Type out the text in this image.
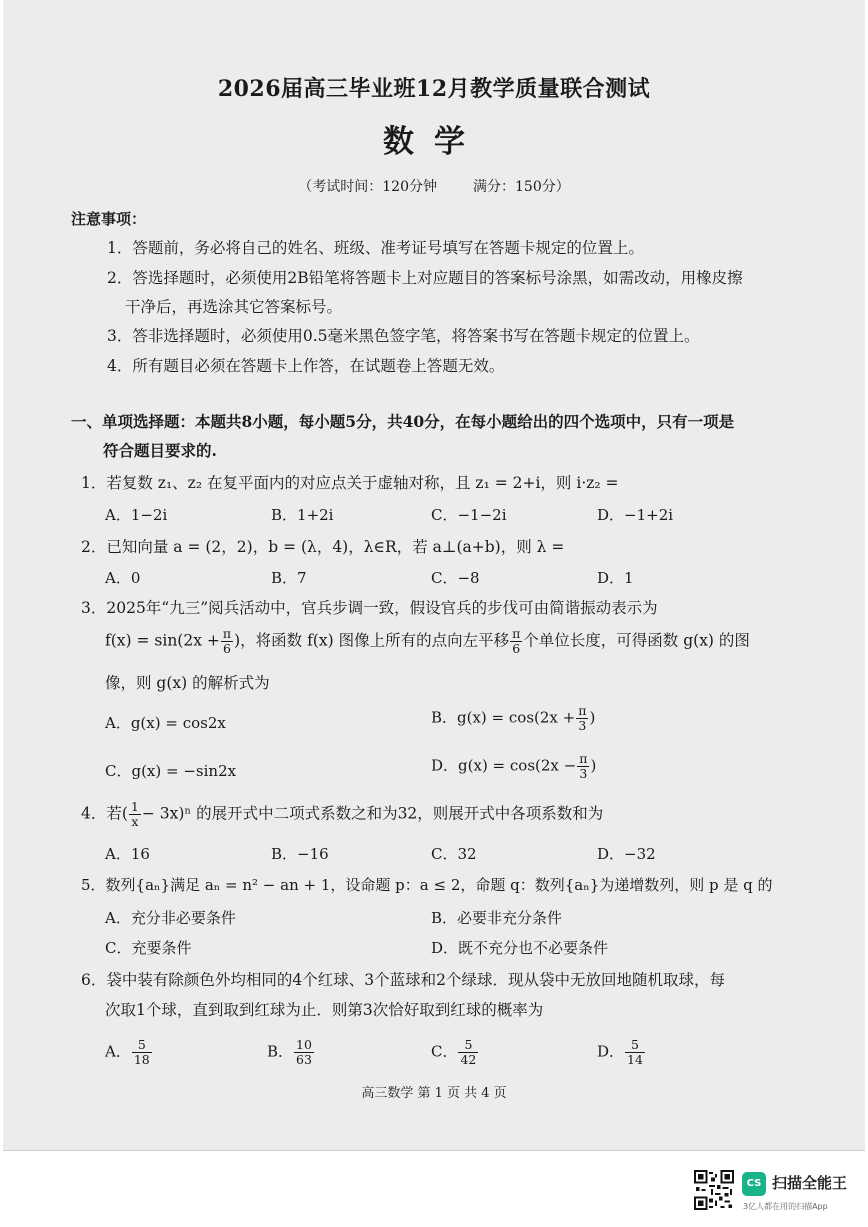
2026届高三毕业班12月教学质量联合测试
数学
（考试时间：120分钟	满分：150分）
注意事项：
1．答题前，务必将自己的姓名、班级、准考证号填写在答题卡规定的位置上。
2．答选择题时，必须使用2B铅笔将答题卡上对应题目的答案标号涂黑，如需改动，用橡皮擦
干净后，再选涂其它答案标号。
3．答非选择题时，必须使用0.5毫米黑色签字笔，将答案书写在答题卡规定的位置上。
4．所有题目必须在答题卡上作答，在试题卷上答题无效。
一、单项选择题：本题共8小题，每小题5分，共40分，在每小题给出的四个选项中，只有一项是
符合题目要求的.
1．若复数 z₁、z₂ 在复平面内的对应点关于虚轴对称，且 z₁ = 2+i，则 i·z₂ =
A．1−2i	B．1+2i	C．−1−2i	D．−1+2i
2．已知向量 a = (2，2)，b = (λ，4)，λ∈R，若 a⊥(a+b)，则 λ =
A．0	B．7	C．−8	D．1
3．2025年“九三”阅兵活动中，官兵步调一致，假设官兵的步伐可由简谐振动表示为
$f(x) = \sin(2x + \frac{\pi}{6}$ )，将函数 f(x) 图像上所有的点向左平移 $\frac{\pi}{6}$ 个单位长度，可得函数 g(x) 的图
像，则 g(x) 的解析式为
A．g(x) = cos2x	B．$g(x) = \cos(2x + \frac{\pi}{3}$ )
C．g(x) = −sin2x	D．$g(x) = \cos(2x - \frac{\pi}{3}$ )
4．若( $\frac{1}{x} - 3x)^n$ 的展开式中二项式系数之和为32，则展开式中各项系数和为
A．16	B．−16	C．32	D．−32
5．数列{aₙ}满足 aₙ = n² − an + 1，设命题 p：a ≤ 2，命题 q：数列{aₙ}为递增数列，则 p 是 q 的
A．充分非必要条件	B．必要非充分条件
C．充要条件	D．既不充分也不必要条件
6．袋中装有除颜色外均相同的4个红球、3个蓝球和2个绿球．现从袋中无放回地随机取球，每
次取1个球，直到取到红球为止．则第3次恰好取到红球的概率为
A． $\frac{5}{18}$	B． $\frac{10}{63}$	C． $\frac{5}{42}$	D． $\frac{5}{14}$
高三数学 第 1 页 共 4 页
CS 扫描全能王
3亿人都在用的扫描App
